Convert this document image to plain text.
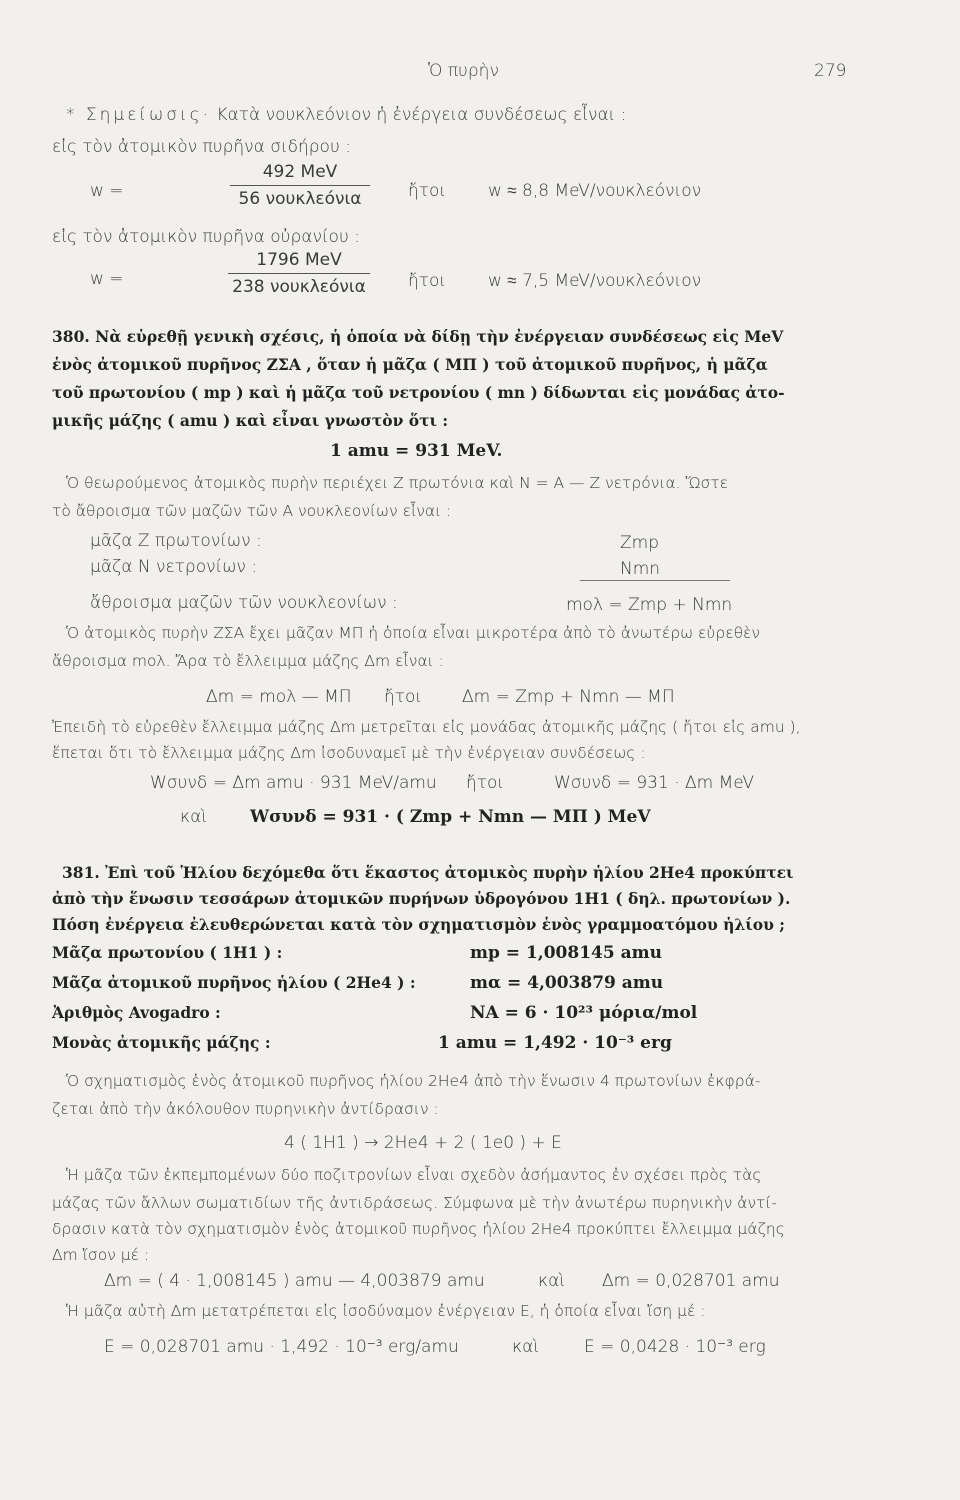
Ὁ πυρὴν	279
* Σημείωσις· Κατὰ νουκλεόνιον ἡ ἐνέργεια συνδέσεως εἶναι :
εἰς τὸν ἀτομικὸν πυρῆνα σιδήρου :
w =
492 MeV
56 νουκλεόνια	ἤτοι w ≈ 8,8 MeV/νουκλεόνιον
εἰς τὸν ἀτομικὸν πυρῆνα οὐρανίου :
w =
1796 MeV
238 νουκλεόνια ἤτοι w ≈ 7,5 MeV/νουκλεόνιον
380. Νὰ εὑρεθῇ γενικὴ σχέσις, ἡ ὁποία νὰ δίδῃ τὴν ἐνέργειαν συνδέσεως εἰς MeV
ἑνὸς ἀτομικοῦ πυρῆνος ZΣA , ὅταν ἡ μᾶζα ( MΠ ) τοῦ ἀτομικοῦ πυρῆνος, ἡ μᾶζα
τοῦ πρωτονίου ( mp ) καὶ ἡ μᾶζα τοῦ νετρονίου ( mn ) δίδωνται εἰς μονάδας ἀτο-
μικῆς μάζης ( amu ) καὶ εἶναι γνωστὸν ὅτι :
1 amu = 931 MeV.
Ὁ θεωρούμενος ἀτομικὸς πυρὴν περιέχει Z πρωτόνια καὶ N = A — Z νετρόνια. Ὥστε
τὸ ἄθροισμα τῶν μαζῶν τῶν A νουκλεονίων εἶναι :
μᾶζα Z πρωτονίων :	Zmp
μᾶζα N νετρονίων :	Nmn
ἄθροισμα μαζῶν τῶν νουκλεονίων :	mολ = Zmp + Nmn
Ὁ ἀτομικὸς πυρὴν ZΣA ἔχει μᾶζαν MΠ ἡ ὁποία εἶναι μικροτέρα ἀπὸ τὸ ἀνωτέρω εὑρεθὲν
ἄθροισμα mολ. Ἄρα τὸ ἔλλειμμα μάζης Δm εἶναι :
Δm = mολ — MΠ ἤτοι Δm = Zmp + Nmn — MΠ
Ἐπειδὴ τὸ εὑρεθὲν ἔλλειμμα μάζης Δm μετρεῖται εἰς μονάδας ἀτομικῆς μάζης ( ἤτοι εἰς amu ),
ἕπεται ὅτι τὸ ἔλλειμμα μάζης Δm ἰσοδυναμεῖ μὲ τὴν ἐνέργειαν συνδέσεως :
Wσυνδ = Δm amu · 931 MeV/amu ἤτοι	Wσυνδ = 931 · Δm MeV
καὶ	Wσυνδ = 931 · ( Zmp + Nmn — MΠ ) MeV
381. Ἐπὶ τοῦ Ἡλίου δεχόμεθα ὅτι ἕκαστος ἀτομικὸς πυρὴν ἡλίου 2He4 προκύπτει
ἀπὸ τὴν ἕνωσιν τεσσάρων ἀτομικῶν πυρήνων ὑδρογόνου 1H1 ( δηλ. πρωτονίων ).
Πόση ἐνέργεια ἐλευθερώνεται κατὰ τὸν σχηματισμὸν ἑνὸς γραμμοατόμου ἡλίου ;
Μᾶζα πρωτονίου ( 1H1 ) :	mp = 1,008145 amu
Μᾶζα ἀτομικοῦ πυρῆνος ἡλίου ( 2He4 ) :	mα = 4,003879 amu
Ἀριθμὸς Avogadro :	NA = 6 · 10²³ μόρια/mol
Μονὰς ἀτομικῆς μάζης :	1 amu = 1,492 · 10⁻³ erg
Ὁ σχηματισμὸς ἑνὸς ἀτομικοῦ πυρῆνος ἡλίου 2He4 ἀπὸ τὴν ἕνωσιν 4 πρωτονίων ἐκφρά-
ζεται ἀπὸ τὴν ἀκόλουθον πυρηνικὴν ἀντίδρασιν :
4 ( 1H1 ) → 2He4 + 2 ( 1e0 ) + E
Ἡ μᾶζα τῶν ἐκπεμπομένων δύο ποζιτρονίων εἶναι σχεδὸν ἀσήμαντος ἐν σχέσει πρὸς τὰς
μάζας τῶν ἄλλων σωματιδίων τῆς ἀντιδράσεως. Σύμφωνα μὲ τὴν ἀνωτέρω πυρηνικὴν ἀντί-
δρασιν κατὰ τὸν σχηματισμὸν ἑνὸς ἀτομικοῦ πυρῆνος ἡλίου 2He4 προκύπτει ἔλλειμμα μάζης
Δm ἴσον μέ :
Δm = ( 4 · 1,008145 ) amu — 4,003879 amu	καὶ Δm = 0,028701 amu
Ἡ μᾶζα αὐτὴ Δm μετατρέπεται εἰς ἰσοδύναμον ἐνέργειαν E, ἡ ὁποία εἶναι ἴση μέ :
E = 0,028701 amu · 1,492 · 10⁻³ erg/amu	καὶ	E = 0,0428 · 10⁻³ erg
